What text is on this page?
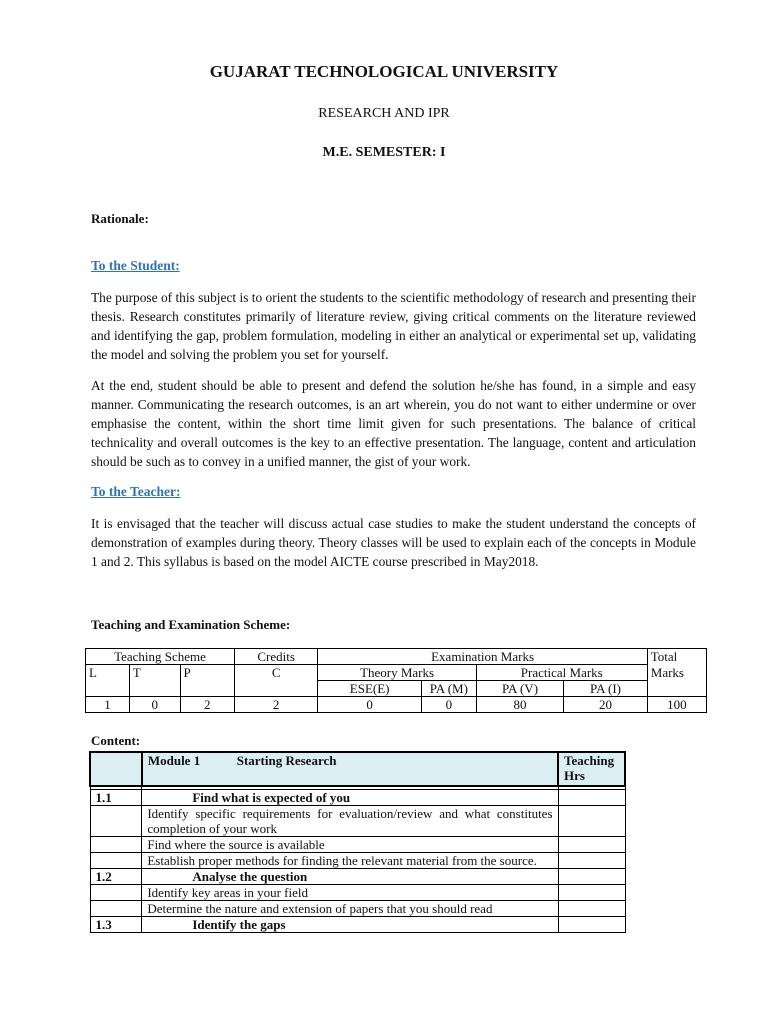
GUJARAT TECHNOLOGICAL UNIVERSITY
RESEARCH AND IPR
M.E. SEMESTER: I
Rationale:
To the Student:
The purpose of this subject is to orient the students to the scientific methodology of research and presenting their thesis. Research constitutes primarily of literature review, giving critical comments on the literature reviewed and identifying the gap, problem formulation, modeling in either an analytical or experimental set up, validating the model and solving the problem you set for yourself.
At the end, student should be able to present and defend the solution he/she has found, in a simple and easy manner. Communicating the research outcomes, is an art wherein, you do not want to either undermine or over emphasise the content, within the short time limit given for such presentations. The balance of critical technicality and overall outcomes is the key to an effective presentation. The language, content and articulation should be such as to convey in a unified manner, the gist of your work.
To the Teacher:
It is envisaged that the teacher will discuss actual case studies to make the student understand the concepts of demonstration of examples during theory. Theory classes will be used to explain each of the concepts in Module 1 and 2. This syllabus is based on the model AICTE course prescribed in May2018.
Teaching and Examination Scheme:
Teaching Scheme			Credits	Examination Marks				Total
L	T	P	C	Theory Marks		Practical Marks		Marks
				ESE(E)	PA (M)	PA (V)	PA (I)	
1	0	2	2	0	0	80	20	100
Content:
	Module 1 Starting Research	Teaching Hrs

1.1	Find what is expected of you	
	Identify specific requirements for evaluation/review and what constitutes completion of your work	
	Find where the source is available	
	Establish proper methods for finding the relevant material from the source.	
1.2	Analyse the question	
	Identify key areas in your field	
	Determine the nature and extension of papers that you should read	
1.3	Identify the gaps	
